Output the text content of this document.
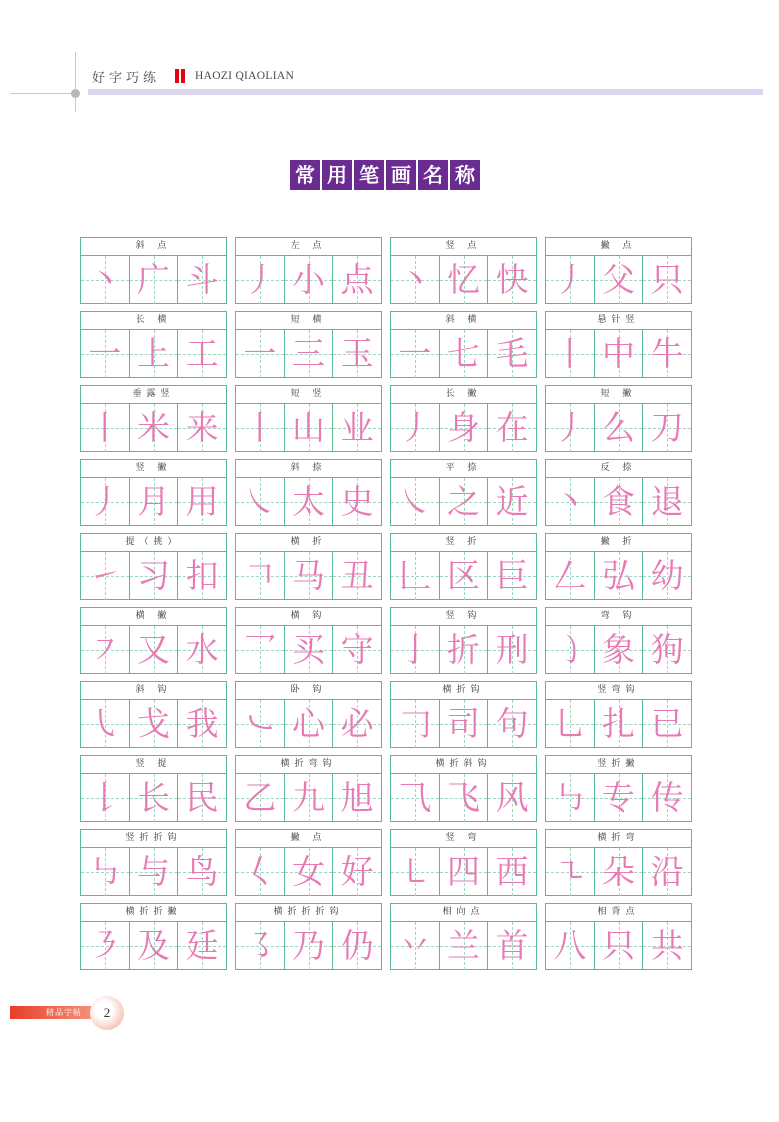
好字巧练	HAOZI QIAOLIAN
常 用 笔 画 名 称
斜 点
丶 广 斗
左 点
丿 小 点
竖 点
丶 忆 快
撇 点
丿 父 只
长 横
一 上 工
短 横
一 三 玉
斜 横
一 七 毛
悬针竖
丨 中 牛
垂露竖
丨 米 来
短 竖
丨 山 业
长 撇
丿 身 在
短 撇
丿 么 刀
竖 撇
丿 月 用
斜 捺
㇏ 太 史
平 捺
㇏ 之 近
反 捺
丶 食 退
提（挑）
㇀ 习 扣
横 折
𠃍 马 丑
竖 折
𠃊 区 巨
撇 折
𠃋 弘 幼
横 撇
㇇ 又 水
横 钩
乛 买 守
竖 钩
亅 折 刑
弯 钩
㇁ 象 狗
斜 钩
㇂ 戈 我
卧 钩
㇃ 心 必
横折钩
𠃌 司 句
竖弯钩
乚 扎 已
竖 提
𠄌 长 民
横折弯钩
乙 九 旭
横折斜钩
⺄ 飞 风
竖折撇
㇉ 专 传
竖折折钩
㇉ 与 鸟
撇 点
𡿨 女 好
竖 弯
㇄ 四 西
横折弯
㇍ 朵 沿
横折折撇
㇋ 及 廷
横折折折钩
㇌ 乃 仍
相向点
丷 兰 首
相背点
八 只 共
精品字帖	2
